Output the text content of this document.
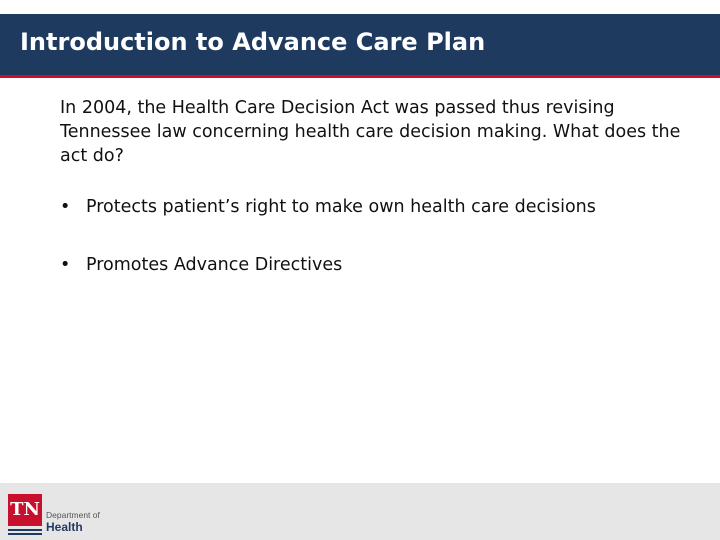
Introduction to Advance Care Plan

In 2004, the Health Care Decision Act was passed thus revising Tennessee law concerning health care decision making. What does the act do?

• Protects patient’s right to make own health care decisions
• Promotes Advance Directives
TN Department of
Health
